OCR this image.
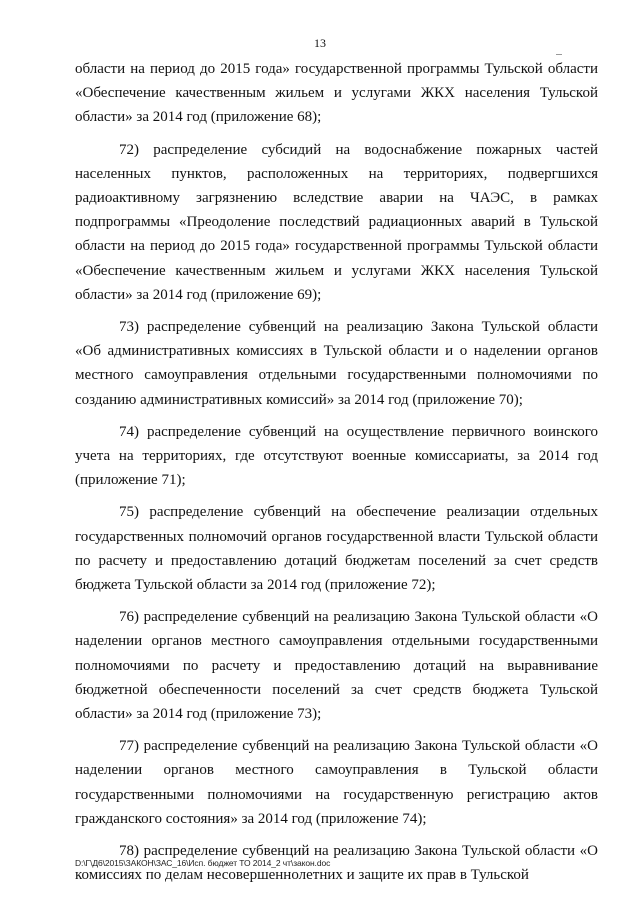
13

области на период до 2015 года» государственной программы Тульской области «Обеспечение качественным жильем и услугами ЖКХ населения Тульской области» за 2014 год (приложение 68);

72) распределение субсидий на водоснабжение пожарных частей населенных пунктов, расположенных на территориях, подвергшихся радиоактивному загрязнению вследствие аварии на ЧАЭС, в рамках подпрограммы «Преодоление последствий радиационных аварий в Тульской области на период до 2015 года» государственной программы Тульской области «Обеспечение качественным жильем и услугами ЖКХ населения Тульской области» за 2014 год (приложение 69);

73) распределение субвенций на реализацию Закона Тульской области «Об административных комиссиях в Тульской области и о наделении органов местного самоуправления отдельными государственными полномочиями по созданию административных комиссий» за 2014 год (приложение 70);

74) распределение субвенций на осуществление первичного воинского учета на территориях, где отсутствуют военные комиссариаты, за 2014 год (приложение 71);

75) распределение субвенций на обеспечение реализации отдельных государственных полномочий органов государственной власти Тульской области по расчету и предоставлению дотаций бюджетам поселений за счет средств бюджета Тульской области за 2014 год (приложение 72);

76) распределение субвенций на реализацию Закона Тульской области «О наделении органов местного самоуправления отдельными государственными полномочиями по расчету и предоставлению дотаций на выравнивание бюджетной обеспеченности поселений за счет средств бюджета Тульской области» за 2014 год (приложение 73);

77) распределение субвенций на реализацию Закона Тульской области «О наделении органов местного самоуправления в Тульской области государственными полномочиями на государственную регистрацию актов гражданского состояния» за 2014 год (приложение 74);

78) распределение субвенций на реализацию Закона Тульской области «О комиссиях по делам несовершеннолетних и защите их прав в Тульской

D:\Г\Д6\2015\ЗАКОН\ЗАС_16\Исп. бюджет ТО 2014_2 чт\закон.doc
